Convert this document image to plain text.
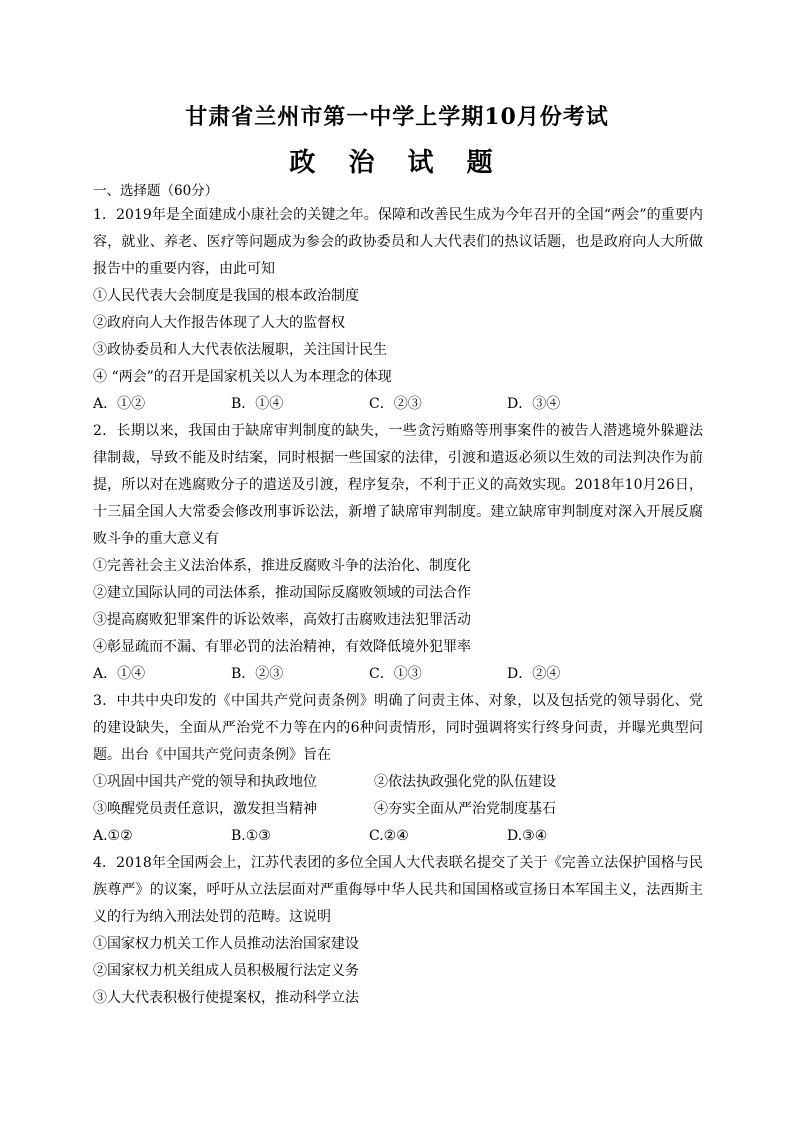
甘肃省兰州市第一中学上学期10月份考试
政 治 试 题
一、选择题（60分）

1．2019年是全面建成小康社会的关键之年。保障和改善民生成为今年召开的全国“两会”的重要内容，就业、养老、医疗等问题成为参会的政协委员和人大代表们的热议话题，也是政府向人大所做报告中的重要内容，由此可知

①人民代表大会制度是我国的根本政治制度

②政府向人大作报告体现了人大的监督权

③政协委员和人大代表依法履职，关注国计民生

④ “两会”的召开是国家机关以人为本理念的体现

A．①②	B．①④	C．②③	D．③④

2．长期以来，我国由于缺席审判制度的缺失，一些贪污贿赂等刑事案件的被告人潜逃境外躲避法律制裁，导致不能及时结案，同时根据一些国家的法律，引渡和遣返必须以生效的司法判决作为前提，所以对在逃腐败分子的遣送及引渡，程序复杂，不利于正义的高效实现。2018年10月26日，十三届全国人大常委会修改刑事诉讼法，新增了缺席审判制度。建立缺席审判制度对深入开展反腐败斗争的重大意义有

①完善社会主义法治体系，推进反腐败斗争的法治化、制度化

②建立国际认同的司法体系，推动国际反腐败领域的司法合作

③提高腐败犯罪案件的诉讼效率，高效打击腐败违法犯罪活动

④彰显疏而不漏、有罪必罚的法治精神，有效降低境外犯罪率

A．①④	B．②③	C．①③	D．②④

3．中共中央印发的《中国共产党问责条例》明确了问责主体、对象，以及包括党的领导弱化、党的建设缺失，全面从严治党不力等在内的6种问责情形，同时强调将实行终身问责，并曝光典型问题。出台《中国共产党问责条例》旨在

①巩固中国共产党的领导和执政地位	②依法执政强化党的队伍建设
③唤醒党员责任意识，激发担当精神	④夯实全面从严治党制度基石
A.①②	B.①③	C.②④	D.③④

4．2018年全国两会上，江苏代表团的多位全国人大代表联名提交了关于《完善立法保护国格与民族尊严》的议案，呼吁从立法层面对严重侮辱中华人民共和国国格或宣扬日本军国主义，法西斯主义的行为纳入刑法处罚的范畴。这说明

①国家权力机关工作人员推动法治国家建设

②国家权力机关组成人员积极履行法定义务

③人大代表积极行使提案权，推动科学立法
